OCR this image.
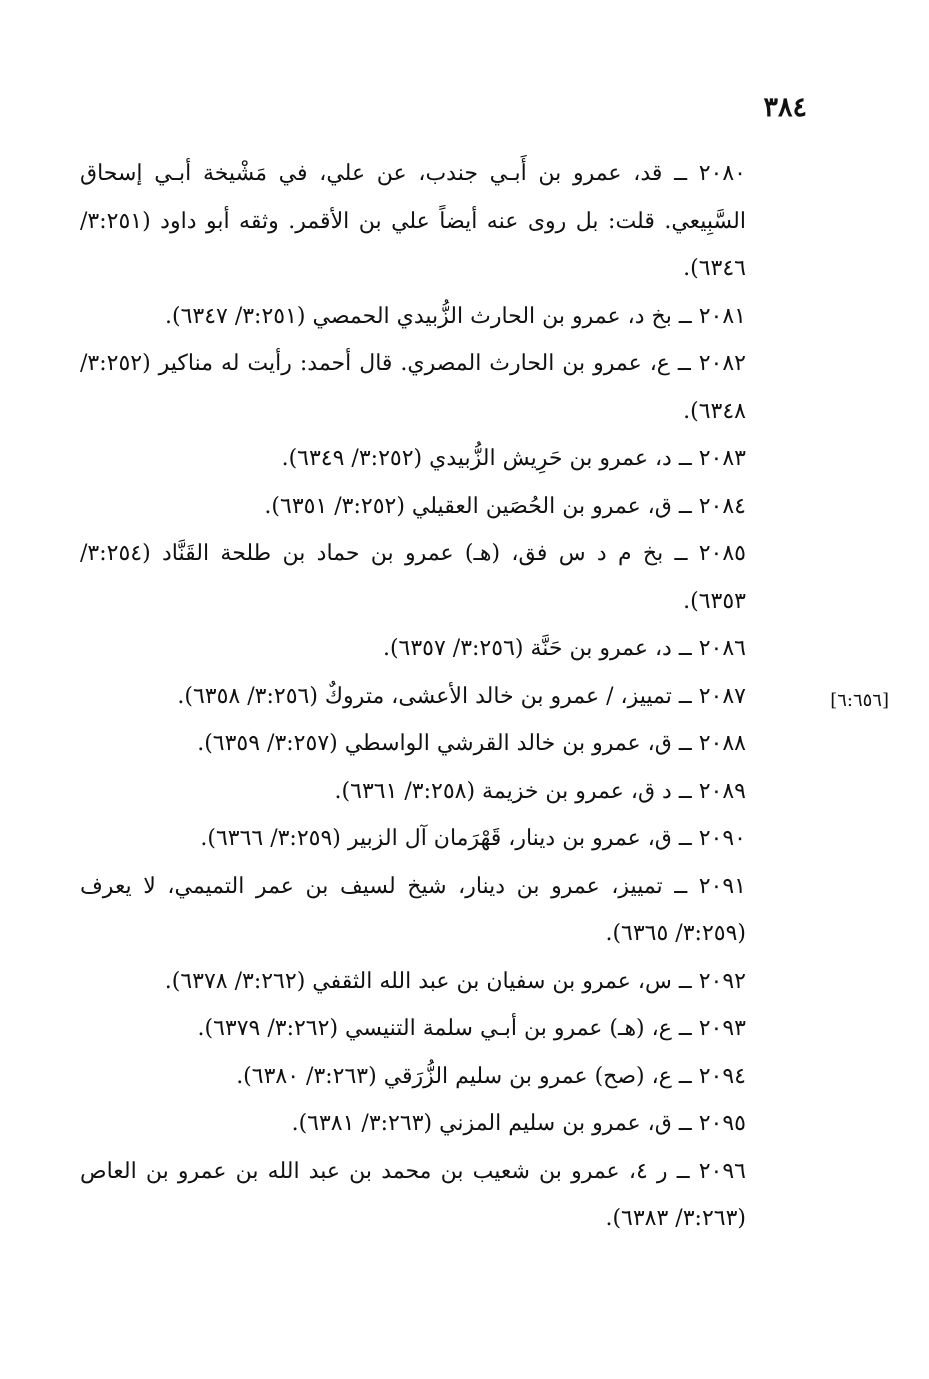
٣٨٤
[٦:٦٥٦]

٢٠٨٠ ــ قد، عمرو بن أَبـي جندب، عن علي، في مَشْيخة أبـي إسحاق السَّبِيعي. قلت: بل روى عنه أيضاً علي بن الأقمر. وثقه أبو داود (٣:٢٥١/ ٦٣٤٦).

٢٠٨١ ــ بخ د، عمرو بن الحارث الزُّبيدي الحمصي (٣:٢٥١/ ٦٣٤٧).

٢٠٨٢ ــ ع، عمرو بن الحارث المصري. قال أحمد: رأيت له مناكير (٣:٢٥٢/ ٦٣٤٨).

٢٠٨٣ ــ د، عمرو بن حَرِيش الزُّبيدي (٣:٢٥٢/ ٦٣٤٩).

٢٠٨٤ ــ ق، عمرو بن الحُصَين العقيلي (٣:٢٥٢/ ٦٣٥١).

٢٠٨٥ ــ بخ م د س فق، (هـ) عمرو بن حماد بن طلحة القَنَّاد (٣:٢٥٤/ ٦٣٥٣).

٢٠٨٦ ــ د، عمرو بن حَنَّة (٣:٢٥٦/ ٦٣٥٧).

٢٠٨٧ ــ تمييز، / عمرو بن خالد الأعشى، متروكٌ (٣:٢٥٦/ ٦٣٥٨).

٢٠٨٨ ــ ق، عمرو بن خالد القرشي الواسطي (٣:٢٥٧/ ٦٣٥٩).

٢٠٨٩ ــ د ق، عمرو بن خزيمة (٣:٢٥٨/ ٦٣٦١).

٢٠٩٠ ــ ق، عمرو بن دينار، قَهْرَمان آل الزبير (٣:٢٥٩/ ٦٣٦٦).

٢٠٩١ ــ تمييز، عمرو بن دينار، شيخ لسيف بن عمر التميمي، لا يعرف (٣:٢٥٩/ ٦٣٦٥).

٢٠٩٢ ــ س، عمرو بن سفيان بن عبد الله الثقفي (٣:٢٦٢/ ٦٣٧٨).

٢٠٩٣ ــ ع، (هـ) عمرو بن أبـي سلمة التنيسي (٣:٢٦٢/ ٦٣٧٩).

٢٠٩٤ ــ ع، (صح) عمرو بن سليم الزُّرَقي (٣:٢٦٣/ ٦٣٨٠).

٢٠٩٥ ــ ق، عمرو بن سليم المزني (٣:٢٦٣/ ٦٣٨١).

٢٠٩٦ ــ ر ٤، عمرو بن شعيب بن محمد بن عبد الله بن عمرو بن العاص (٣:٢٦٣/ ٦٣٨٣).
